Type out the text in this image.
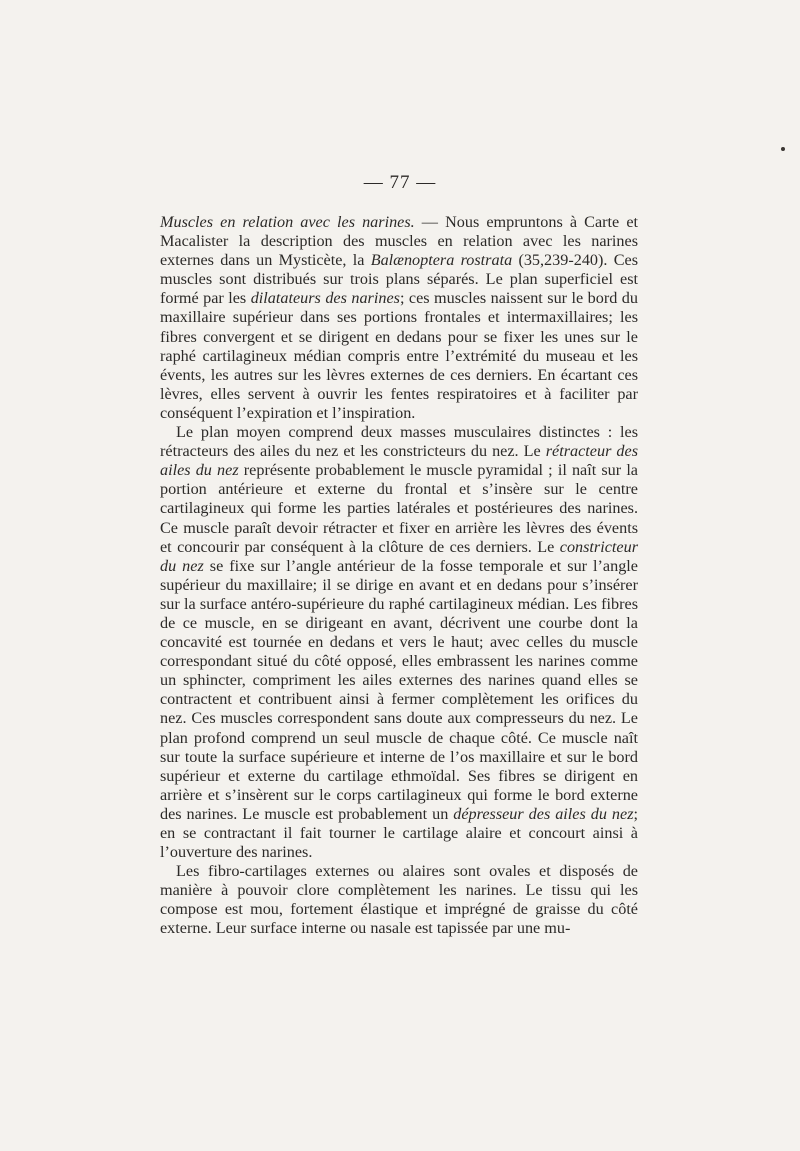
— 77 —

Muscles en relation avec les narines. — Nous empruntons à Carte et Macalister la description des muscles en relation avec les narines externes dans un Mysticète, la Balænoptera rostrata (35,239-240). Ces muscles sont distribués sur trois plans séparés. Le plan superficiel est formé par les dilatateurs des narines; ces muscles naissent sur le bord du maxillaire supérieur dans ses portions frontales et intermaxillaires; les fibres convergent et se dirigent en dedans pour se fixer les unes sur le raphé cartilagineux médian compris entre l’extrémité du museau et les évents, les autres sur les lèvres externes de ces derniers. En écartant ces lèvres, elles servent à ouvrir les fentes respiratoires et à faciliter par conséquent l’expiration et l’inspiration.

Le plan moyen comprend deux masses musculaires distinctes : les rétracteurs des ailes du nez et les constricteurs du nez. Le rétracteur des ailes du nez représente probablement le muscle pyramidal ; il naît sur la portion antérieure et externe du frontal et s’insère sur le centre cartilagineux qui forme les parties latérales et postérieures des narines. Ce muscle paraît devoir rétracter et fixer en arrière les lèvres des évents et concourir par conséquent à la clôture de ces derniers. Le constricteur du nez se fixe sur l’angle antérieur de la fosse temporale et sur l’angle supérieur du maxillaire; il se dirige en avant et en dedans pour s’insérer sur la surface antéro-supérieure du raphé cartilagineux médian. Les fibres de ce muscle, en se dirigeant en avant, décrivent une courbe dont la concavité est tournée en dedans et vers le haut; avec celles du muscle correspondant situé du côté opposé, elles embrassent les narines comme un sphincter, compriment les ailes externes des narines quand elles se contractent et contribuent ainsi à fermer complètement les orifices du nez. Ces muscles correspondent sans doute aux compresseurs du nez. Le plan profond comprend un seul muscle de chaque côté. Ce muscle naît sur toute la surface supérieure et interne de l’os maxillaire et sur le bord supérieur et externe du cartilage ethmoïdal. Ses fibres se dirigent en arrière et s’insèrent sur le corps cartilagineux qui forme le bord externe des narines. Le muscle est probablement un dépresseur des ailes du nez; en se contractant il fait tourner le cartilage alaire et concourt ainsi à l’ouverture des narines.

Les fibro-cartilages externes ou alaires sont ovales et disposés de manière à pouvoir clore complètement les narines. Le tissu qui les compose est mou, fortement élastique et imprégné de graisse du côté externe. Leur surface interne ou nasale est tapissée par une mu-
